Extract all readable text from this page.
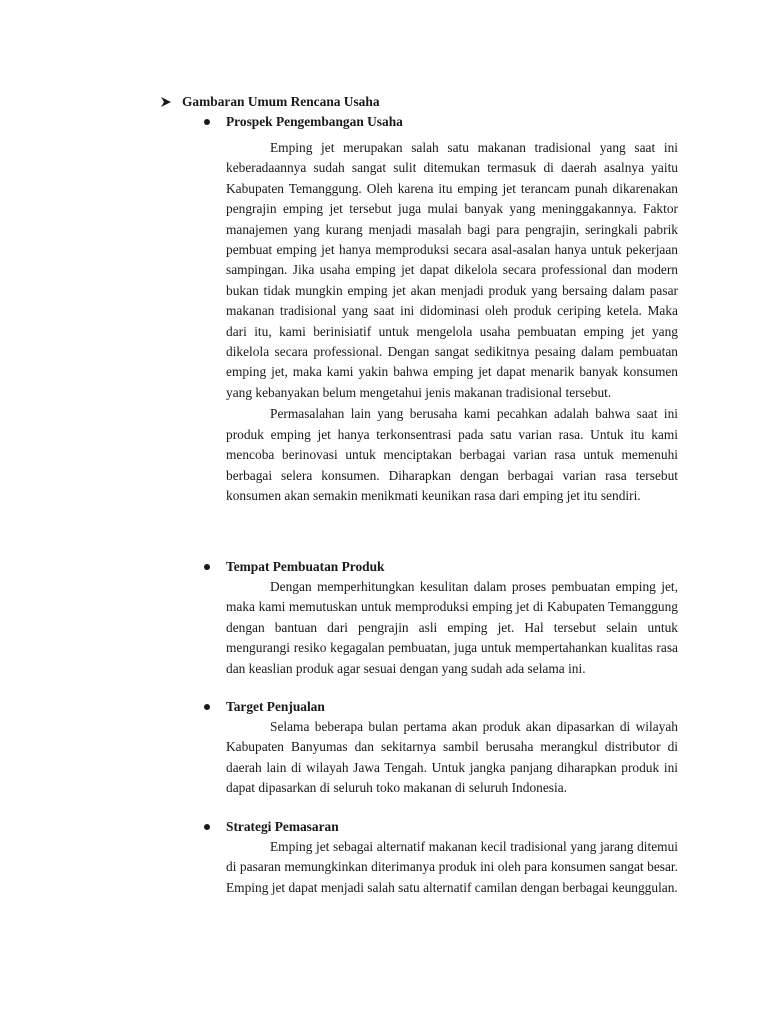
Gambaran Umum Rencana Usaha
Prospek Pengembangan Usaha

Emping jet merupakan salah satu makanan tradisional yang saat ini keberadaannya sudah sangat sulit ditemukan termasuk di daerah asalnya yaitu Kabupaten Temanggung. Oleh karena itu emping jet terancam punah dikarenakan pengrajin emping jet tersebut juga mulai banyak yang meninggakannya. Faktor manajemen yang kurang menjadi masalah bagi para pengrajin, seringkali pabrik pembuat emping jet hanya memproduksi secara asal-asalan hanya untuk pekerjaan sampingan. Jika usaha emping jet dapat dikelola secara professional dan modern bukan tidak mungkin emping jet akan menjadi produk yang bersaing dalam pasar makanan tradisional yang saat ini didominasi oleh produk ceriping ketela. Maka dari itu, kami berinisiatif untuk mengelola usaha pembuatan emping jet yang dikelola secara professional. Dengan sangat sedikitnya pesaing dalam pembuatan emping jet, maka kami yakin bahwa emping jet dapat menarik banyak konsumen yang kebanyakan belum mengetahui jenis makanan tradisional tersebut.

Permasalahan lain yang berusaha kami pecahkan adalah bahwa saat ini produk emping jet hanya terkonsentrasi pada satu varian rasa. Untuk itu kami mencoba berinovasi untuk menciptakan berbagai varian rasa untuk memenuhi berbagai selera konsumen. Diharapkan dengan berbagai varian rasa tersebut konsumen akan semakin menikmati keunikan rasa dari emping jet itu sendiri.

Tempat Pembuatan Produk

Dengan memperhitungkan kesulitan dalam proses pembuatan emping jet, maka kami memutuskan untuk memproduksi emping jet di Kabupaten Temanggung dengan bantuan dari pengrajin asli emping jet. Hal tersebut selain untuk mengurangi resiko kegagalan pembuatan, juga untuk mempertahankan kualitas rasa dan keaslian produk agar sesuai dengan yang sudah ada selama ini.

Target Penjualan

Selama beberapa bulan pertama akan produk akan dipasarkan di wilayah Kabupaten Banyumas dan sekitarnya sambil berusaha merangkul distributor di daerah lain di wilayah Jawa Tengah. Untuk jangka panjang diharapkan produk ini dapat dipasarkan di seluruh toko makanan di seluruh Indonesia.

Strategi Pemasaran

Emping jet sebagai alternatif makanan kecil tradisional yang jarang ditemui di pasaran memungkinkan diterimanya produk ini oleh para konsumen sangat besar. Emping jet dapat menjadi salah satu alternatif camilan dengan berbagai keunggulan.
